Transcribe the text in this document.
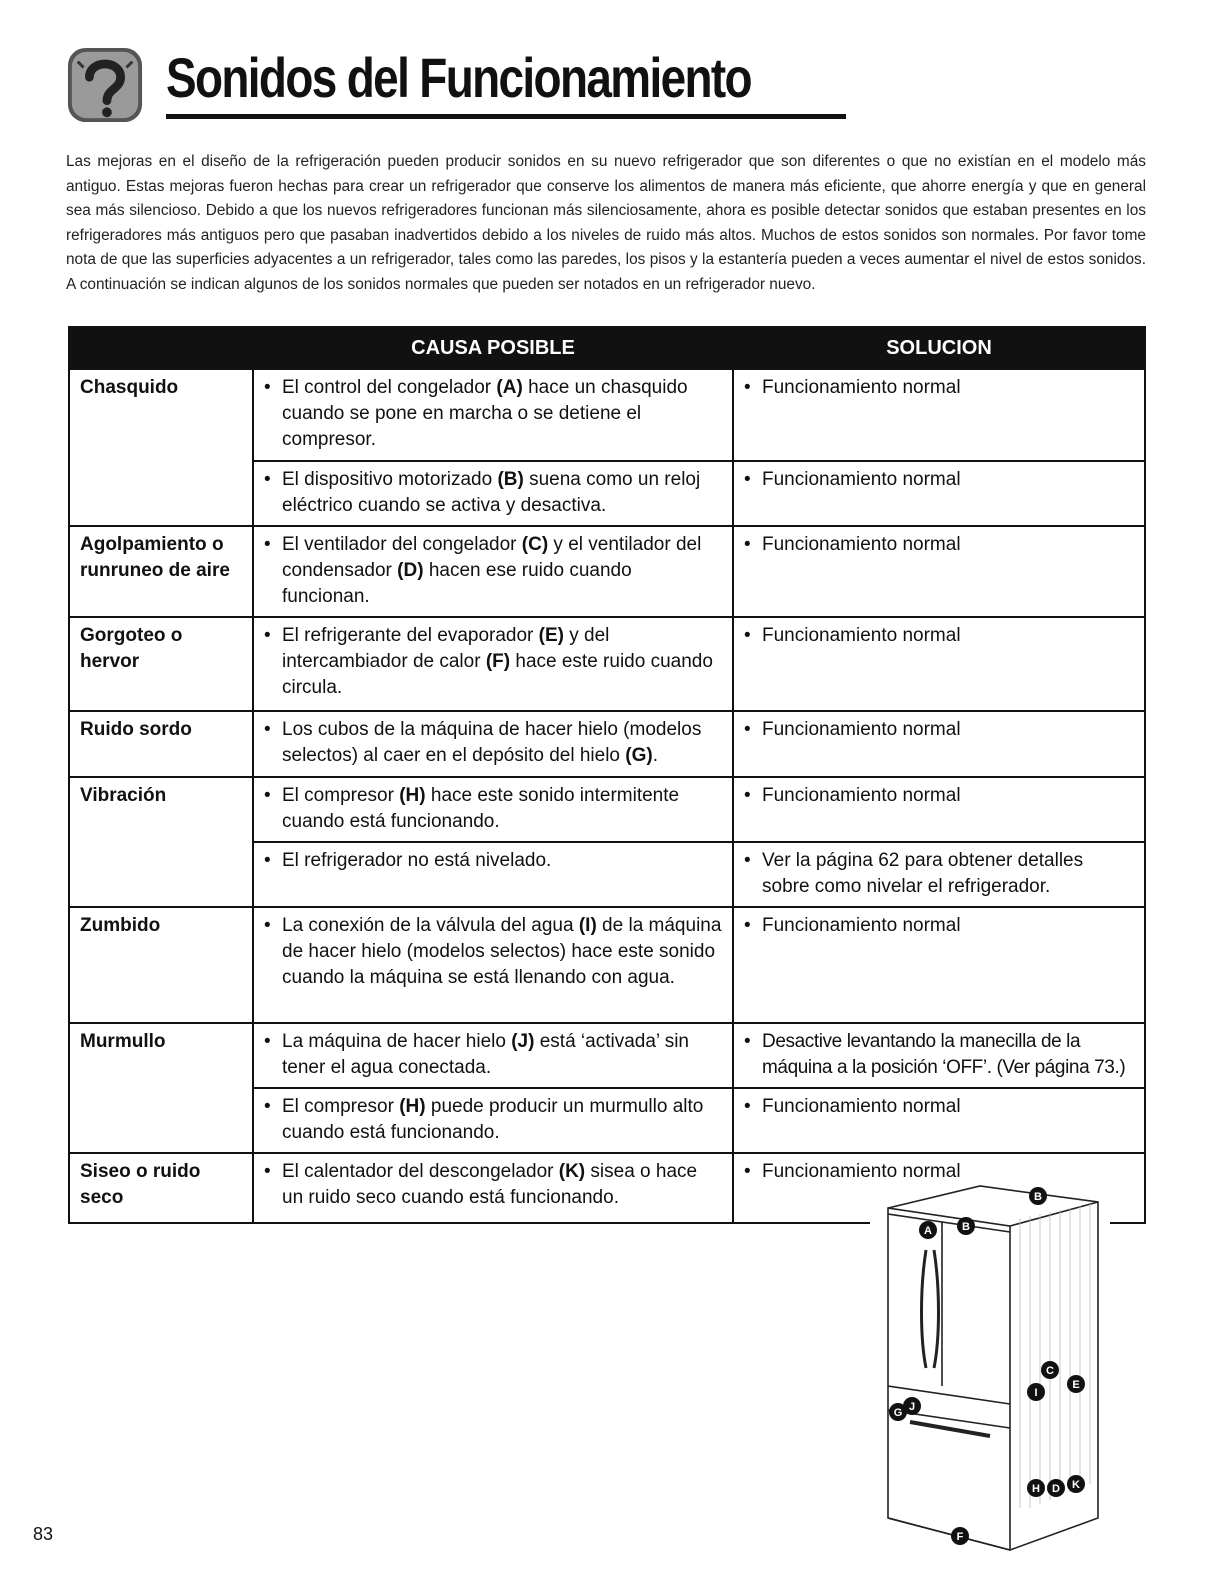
Sonidos del Funcionamiento

Las mejoras en el diseño de la refrigeración pueden producir sonidos en su nuevo refrigerador que son diferentes o que no existían en el modelo más antiguo. Estas mejoras fueron hechas para crear un refrigerador que conserve los alimentos de manera más eficiente, que ahorre energía y que en general sea más silencioso. Debido a que los nuevos refrigeradores funcionan más silenciosamente, ahora es posible detectar sonidos que estaban presentes en los refrigeradores más antiguos pero que pasaban inadvertidos debido a los niveles de ruido más altos. Muchos de estos sonidos son normales. Por favor tome nota de que las superficies adyacentes a un refrigerador, tales como las paredes, los pisos y la estantería pueden a veces aumentar el nivel de estos sonidos. A continuación se indican algunos de los sonidos normales que pueden ser notados en un refrigerador nuevo.

	CAUSA POSIBLE	SOLUCION
Chasquido	• El control del congelador (A) hace un chasquido cuando se pone en marcha o se detiene el compresor.	• Funcionamiento normal

	• El dispositivo motorizado (B) suena como un reloj eléctrico cuando se activa y desactiva.	• Funcionamiento normal

Agolpamiento o runruneo de aire	• El ventilador del congelador (C) y el ventilador del condensador (D) hacen ese ruido cuando funcionan.	• Funcionamiento normal

Gorgoteo o hervor	• El refrigerante del evaporador (E) y del intercambiador de calor (F) hace este ruido cuando circula.	• Funcionamiento normal

Ruido sordo	• Los cubos de la máquina de hacer hielo (modelos selectos) al caer en el depósito del hielo (G).	• Funcionamiento normal

Vibración	• El compresor (H) hace este sonido intermitente cuando está funcionando.	• Funcionamiento normal

	• El refrigerador no está nivelado.	• Ver la página 62 para obtener detalles sobre como nivelar el refrigerador.

Zumbido	• La conexión de la válvula del agua (I) de la máquina de hacer hielo (modelos selectos) hace este sonido cuando la máquina se está llenando con agua.	• Funcionamiento normal

Murmullo	• La máquina de hacer hielo (J) está ‘activada’ sin tener el agua conectada.	• Desactive levantando la manecilla de la máquina a la posición ‘OFF’. (Ver página 73.)

	• El compresor (H) puede producir un murmullo alto cuando está funcionando.	• Funcionamiento normal

Siseo o ruido seco	• El calentador del descongelador (K) sisea o hace un ruido seco cuando está funcionando.	• Funcionamiento normal
A	B
B
C
D
E
F
G
H
I
J
K
83
